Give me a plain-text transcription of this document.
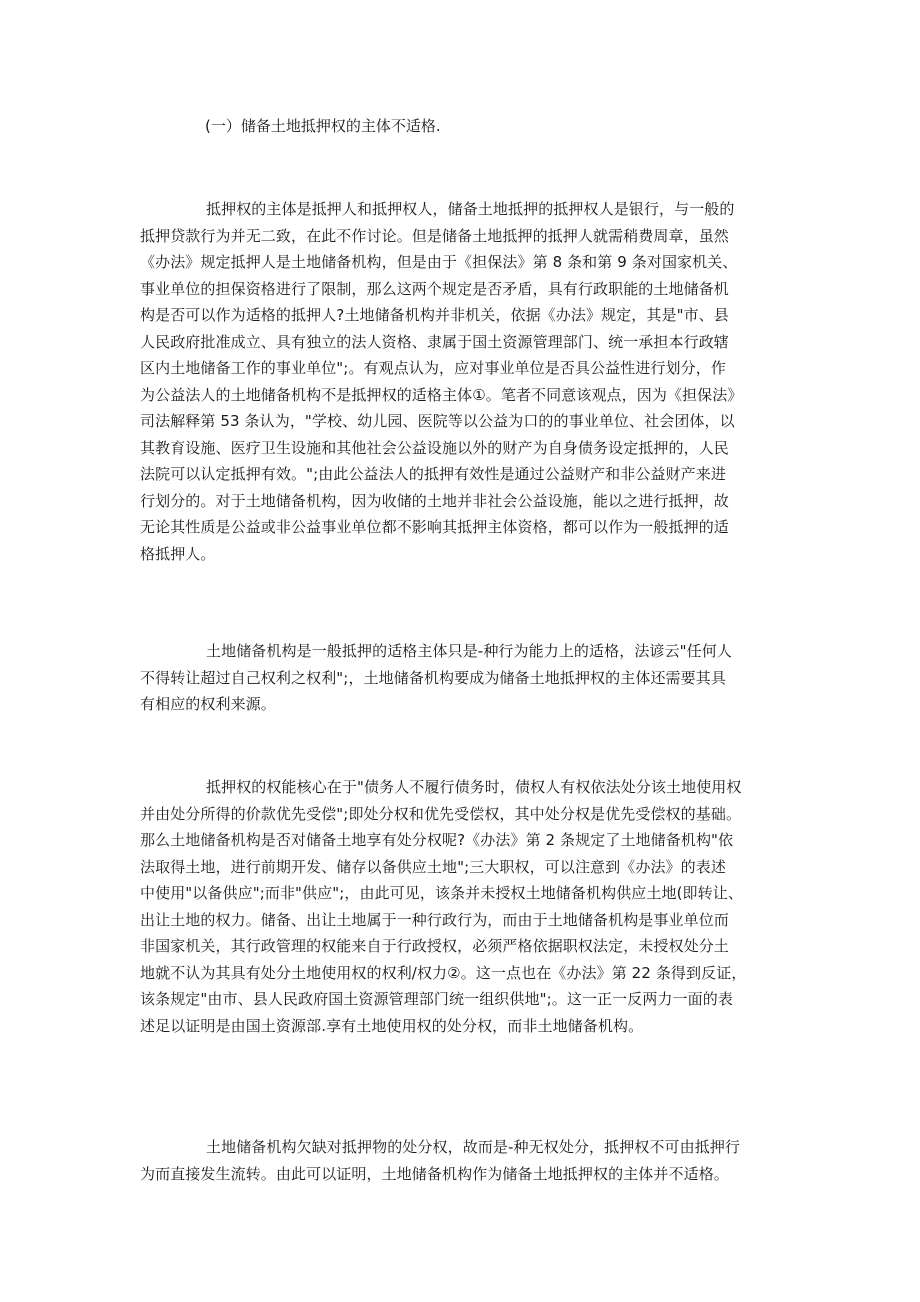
(一）储备土地抵押权的主体不适格.
抵押权的主体是抵押人和抵押权人，储备土地抵押的抵押权人是银行，与一般的
抵押贷款行为并无二致，在此不作讨论。但是储备土地抵押的抵押人就需稍费周章，虽然
《办法》规定抵押人是土地储备机构，但是由于《担保法》第 8 条和第 9 条对国家机关、
事业单位的担保资格进行了限制，那么这两个规定是否矛盾，具有行政职能的土地储备机
构是否可以作为适格的抵押人?土地储备机构并非机关，依据《办法》规定，其是"市、县
人民政府批准成立、具有独立的法人资格、隶属于国土资源管理部门、统一承担本行政辖
区内土地储备工作的事业单位";。有观点认为，应对事业单位是否具公益性进行划分，作
为公益法人的土地储备机构不是抵押权的适格主体①。笔者不同意该观点，因为《担保法》
司法解释第 53 条认为，"学校、幼儿园、医院等以公益为口的的事业单位、社会团体，以
其教育设施、医疗卫生设施和其他社会公益设施以外的财产为自身债务设定抵押的，人民
法院可以认定抵押有效。";由此公益法人的抵押有效性是通过公益财产和非公益财产来进
行划分的。对于土地储备机构，因为收储的土地并非社会公益设施，能以之进行抵押，故
无论其性质是公益或非公益事业单位都不影响其抵押主体资格，都可以作为一般抵押的适
格抵押人。
土地储备机构是一般抵押的适格主体只是-种行为能力上的适格，法谚云"任何人
不得转让超过自己权利之权利";，土地储备机构要成为储备土地抵押权的主体还需要其具
有相应的权利来源。
抵押权的权能核心在于"债务人不履行债务时，债权人有权依法处分该土地使用权
并由处分所得的价款优先受偿";即处分权和优先受偿权，其中处分权是优先受偿权的基础。
那么土地储备机构是否对储备土地享有处分权呢?《办法》第 2 条规定了土地储备机构"依
法取得土地，进行前期开发、储存以备供应土地";三大职权，可以注意到《办法》的表述
中使用"以备供应";而非"供应";，由此可见，该条并未授权土地储备机构供应土地(即转让、
出让土地的权力。储备、出让土地属于一种行政行为，而由于土地储备机构是事业单位而
非国家机关，其行政管理的权能来自于行政授权，必须严格依据职权法定，未授权处分土
地就不认为其具有处分土地使用权的权利/权力②。这一点也在《办法》第 22 条得到反证，
该条规定"由市、县人民政府国土资源管理部门统一组织供地";。这一正一反两力一面的表
述足以证明是由国土资源部.享有土地使用权的处分权，而非土地储备机构。
土地储备机构欠缺对抵押物的处分权，故而是-种无权处分，抵押权不可由抵押行
为而直接发生流转。由此可以证明，土地储备机构作为储备土地抵押权的主体并不适格。
